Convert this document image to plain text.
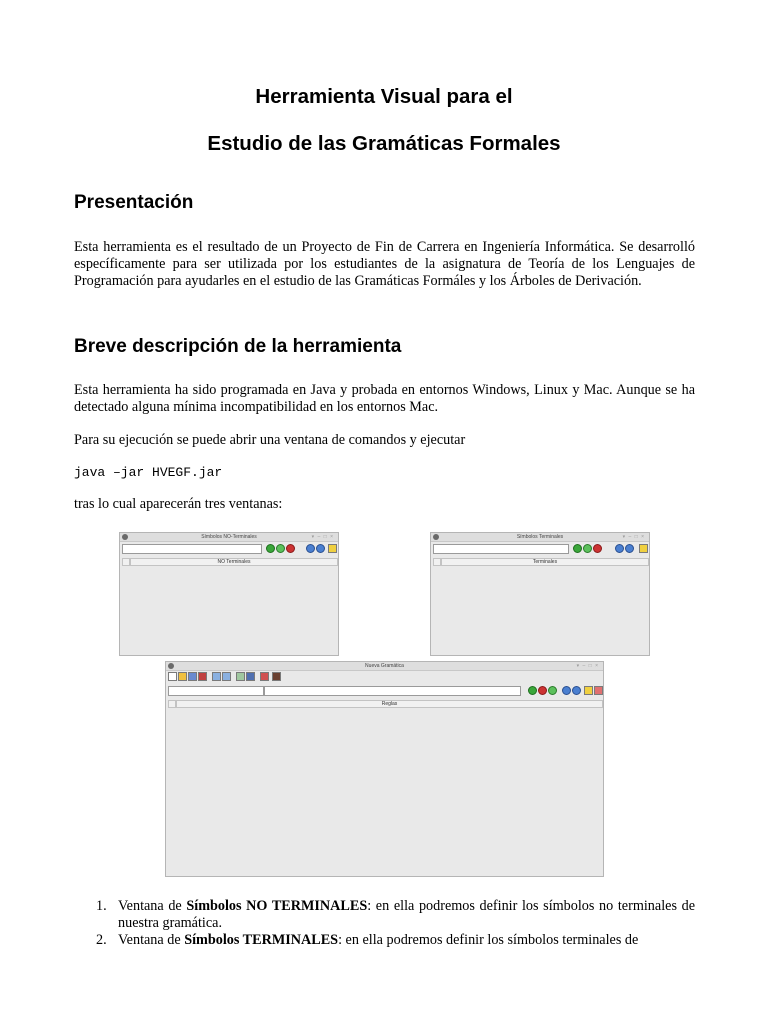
Herramienta Visual para el
Estudio de las Gramáticas Formales
Presentación
Esta herramienta es el resultado de un Proyecto de Fin de Carrera en Ingeniería Informática. Se desarrolló específicamente para ser utilizada por los estudiantes de la asignatura de Teoría de los Lenguajes de Programación para ayudarles en el estudio de las Gramáticas Formáles y los Árboles de Derivación.
Breve descripción de la herramienta
Esta herramienta ha sido programada en Java y probada en entornos Windows, Linux y Mac. Aunque se ha detectado alguna mínima incompatibilidad en los entornos Mac.
Para su ejecución se puede abrir una ventana de comandos y ejecutar
java –jar HVEGF.jar
tras lo cual aparecerán tres ventanas:
Símbolos NO-Terminales	▾ – □ ×
NO Terminales
Símbolos Terminales	▾ – □ ×
Terminales
Nueva Gramática	▾ – □ ×
Reglas
1. Ventana de Símbolos NO TERMINALES: en ella podremos definir los símbolos no terminales de nuestra gramática.
2. Ventana de Símbolos TERMINALES: en ella podremos definir los símbolos terminales de
